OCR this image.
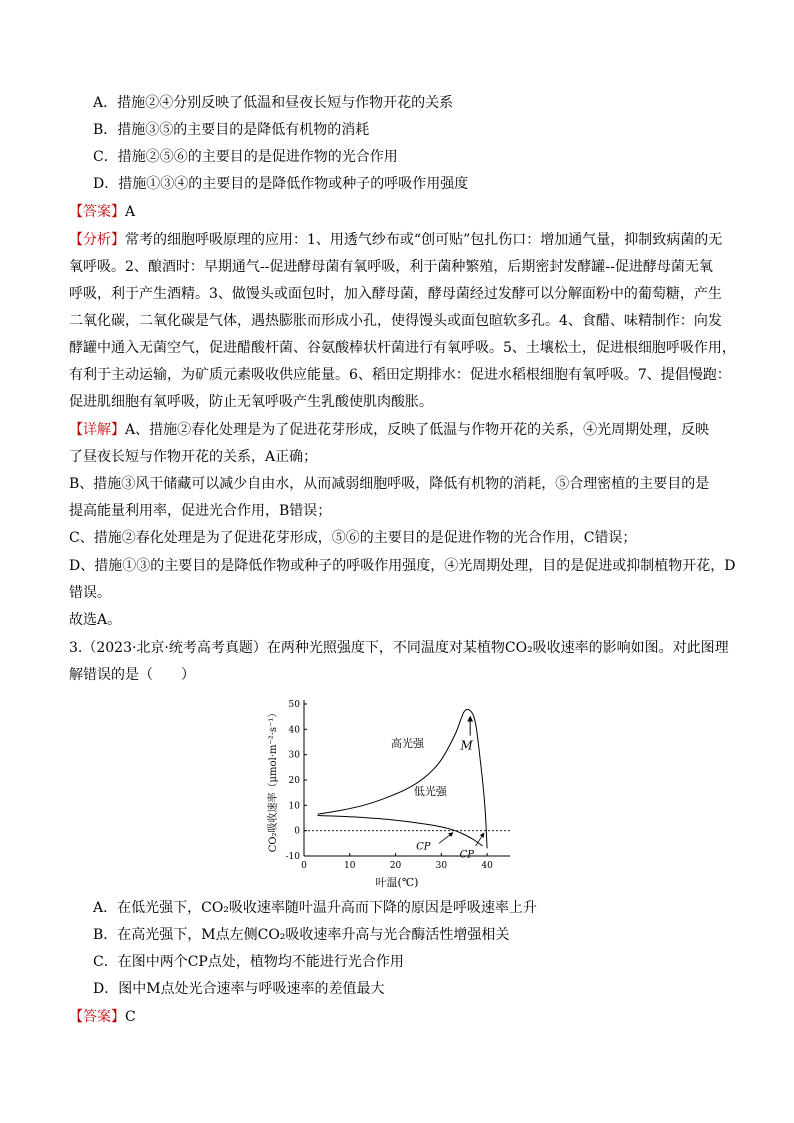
A．措施②④分别反映了低温和昼夜长短与作物开花的关系
B．措施③⑤的主要目的是降低有机物的消耗
C．措施②⑤⑥的主要目的是促进作物的光合作用
D．措施①③④的主要目的是降低作物或种子的呼吸作用强度
【答案】A
【分析】常考的细胞呼吸原理的应用：1、用透气纱布或“创可贴”包扎伤口：增加通气量，抑制致病菌的无
氧呼吸。2、酿酒时：早期通气--促进酵母菌有氧呼吸，利于菌种繁殖，后期密封发酵罐--促进酵母菌无氧
呼吸，利于产生酒精。3、做馒头或面包时，加入酵母菌，酵母菌经过发酵可以分解面粉中的葡萄糖，产生
二氧化碳，二氧化碳是气体，遇热膨胀而形成小孔，使得馒头或面包暄软多孔。4、食醋、味精制作：向发
酵罐中通入无菌空气，促进醋酸杆菌、谷氨酸棒状杆菌进行有氧呼吸。5、土壤松土，促进根细胞呼吸作用，
有利于主动运输，为矿质元素吸收供应能量。6、稻田定期排水：促进水稻根细胞有氧呼吸。7、提倡慢跑：
促进肌细胞有氧呼吸，防止无氧呼吸产生乳酸使肌肉酸胀。
【详解】A、措施②春化处理是为了促进花芽形成，反映了低温与作物开花的关系，④光周期处理，反映
了昼夜长短与作物开花的关系，A正确；
B、措施③风干储藏可以减少自由水，从而减弱细胞呼吸，降低有机物的消耗，⑤合理密植的主要目的是
提高能量利用率，促进光合作用，B错误；
C、措施②春化处理是为了促进花芽形成，⑤⑥的主要目的是促进作物的光合作用，C错误；
D、措施①③的主要目的是降低作物或种子的呼吸作用强度，④光周期处理，目的是促进或抑制植物开花，D
错误。
故选A。
3.（2023·北京·统考高考真题）在两种光照强度下，不同温度对某植物CO₂吸收速率的影响如图。对此图理
解错误的是（　　）
0	10	20	30	40
-10
0
10
20
30
40
50
叶温(℃)
CO₂吸收速率（μmol·m⁻²·s⁻¹）	高光强
低光强
M
CP
CP
A．在低光强下，CO₂吸收速率随叶温升高而下降的原因是呼吸速率上升
B．在高光强下，M点左侧CO₂吸收速率升高与光合酶活性增强相关
C．在图中两个CP点处，植物均不能进行光合作用
D．图中M点处光合速率与呼吸速率的差值最大
【答案】C
